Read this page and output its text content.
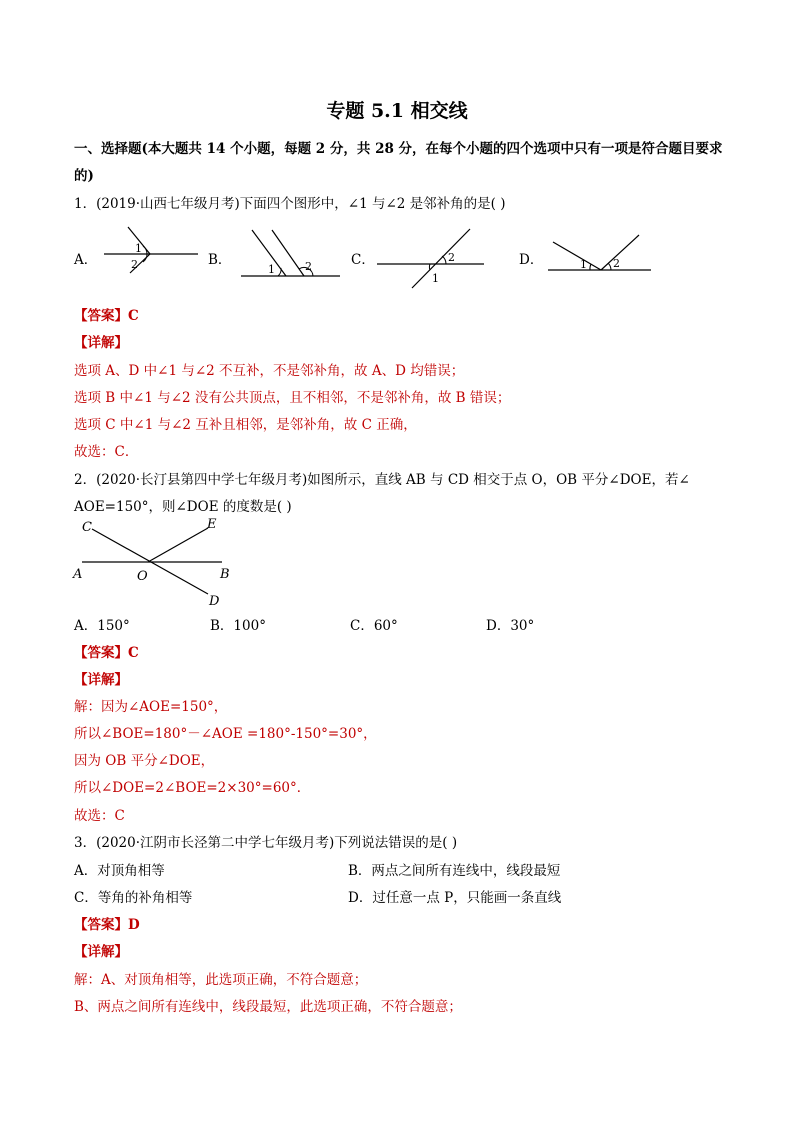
专题 5.1 相交线
一、选择题(本大题共 14 个小题，每题 2 分，共 28 分，在每个小题的四个选项中只有一项是符合题目要求
的)
1．(2019·山西七年级月考)下面四个图形中，∠1 与∠2 是邻补角的是( )
A．
1
2	B．
1	2	C．	2
1
D．	1 2
【答案】C
【详解】
选项 A、D 中∠1 与∠2 不互补，不是邻补角，故 A、D 均错误；
选项 B 中∠1 与∠2 没有公共顶点，且不相邻，不是邻补角，故 B 错误；
选项 C 中∠1 与∠2 互补且相邻，是邻补角，故 C 正确，
故选：C．
2．(2020·长汀县第四中学七年级月考)如图所示，直线 AB 与 CD 相交于点 O，OB 平分∠DOE，若∠
AOE=150°，则∠DOE 的度数是( )
C	E
A	O	B
D
A．150°	B．100°	C．60°	D．30°
【答案】C
【详解】
解：因为∠AOE=150°，
所以∠BOE=180°－∠AOE =180°-150°=30°，
因为 OB 平分∠DOE，
所以∠DOE=2∠BOE=2×30°=60°．
故选：C
3．(2020·江阴市长泾第二中学七年级月考)下列说法错误的是( )
A．对顶角相等	B．两点之间所有连线中，线段最短
C．等角的补角相等	D．过任意一点 P，只能画一条直线
【答案】D
【详解】
解：A、对顶角相等，此选项正确，不符合题意；
B、两点之间所有连线中，线段最短，此选项正确，不符合题意；
